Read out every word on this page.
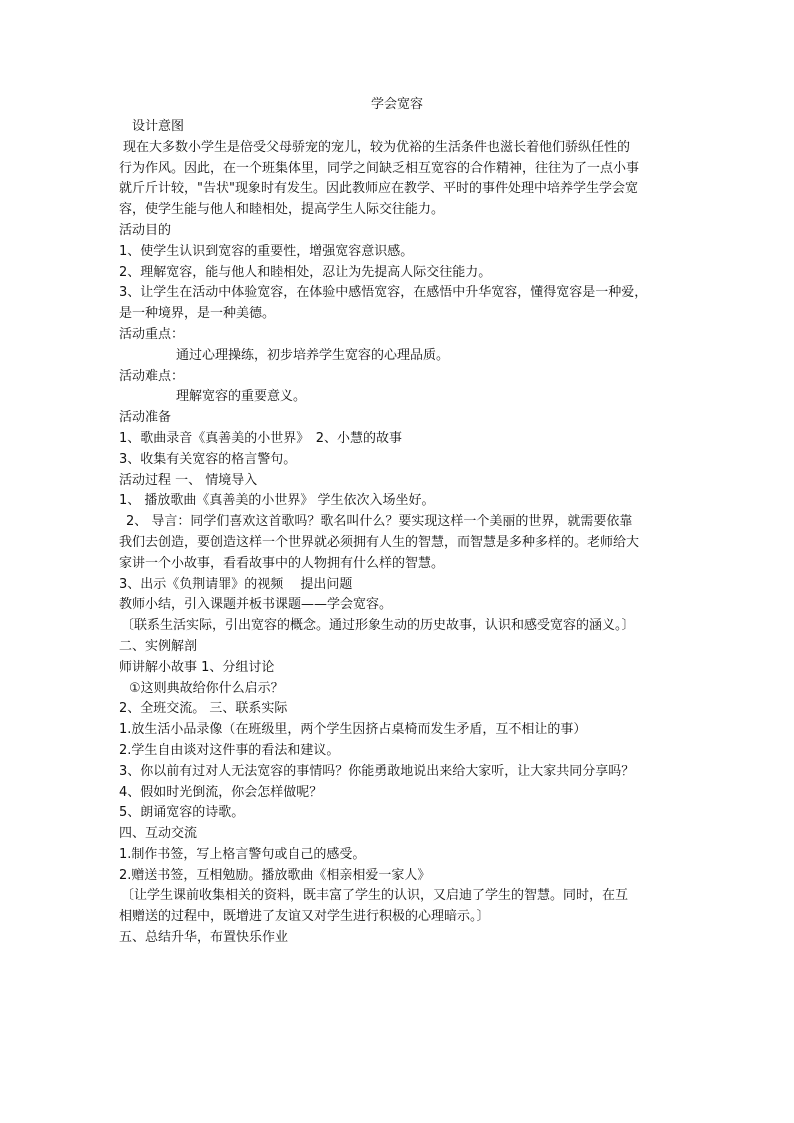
学会宽容

设计意图

现在大多数小学生是倍受父母骄宠的宠儿，较为优裕的生活条件也滋长着他们骄纵任性的

行为作风。因此，在一个班集体里，同学之间缺乏相互宽容的合作精神，往往为了一点小事

就斤斤计较，"告状"现象时有发生。因此教师应在教学、平时的事件处理中培养学生学会宽

容，使学生能与他人和睦相处，提高学生人际交往能力。

活动目的

1、使学生认识到宽容的重要性，增强宽容意识感。

2、理解宽容，能与他人和睦相处，忍让为先提高人际交往能力。

3、让学生在活动中体验宽容，在体验中感悟宽容，在感悟中升华宽容，懂得宽容是一种爱，

是一种境界，是一种美德。

活动重点：

通过心理操练，初步培养学生宽容的心理品质。

活动难点：

理解宽容的重要意义。

活动准备

1、歌曲录音《真善美的小世界》　2、小慧的故事

3、收集有关宽容的格言警句。

活动过程 一、 情境导入

1、 播放歌曲《真善美的小世界》 学生依次入场坐好。

2、 导言：同学们喜欢这首歌吗？歌名叫什么？要实现这样一个美丽的世界，就需要依靠

我们去创造，要创造这样一个世界就必须拥有人生的智慧，而智慧是多种多样的。老师给大

家讲一个小故事，看看故事中的人物拥有什么样的智慧。

3、出示《负荆请罪》的视频 　提出问题

教师小结，引入课题并板书课题——学会宽容。

〔联系生活实际，引出宽容的概念。通过形象生动的历史故事，认识和感受宽容的涵义。〕

二、实例解剖

师讲解小故事 1、分组讨论

①这则典故给你什么启示？

2、全班交流。 三、联系实际

1.放生活小品录像（在班级里，两个学生因挤占桌椅而发生矛盾，互不相让的事）

2.学生自由谈对这件事的看法和建议。

3、你以前有过对人无法宽容的事情吗？你能勇敢地说出来给大家听，让大家共同分享吗？

4、假如时光倒流，你会怎样做呢？

5、朗诵宽容的诗歌。

四、互动交流

1.制作书签，写上格言警句或自己的感受。

2.赠送书签，互相勉励。播放歌曲《相亲相爱一家人》

〔让学生课前收集相关的资料，既丰富了学生的认识，又启迪了学生的智慧。同时，在互

相赠送的过程中，既增进了友谊又对学生进行积极的心理暗示。〕

五、总结升华，布置快乐作业
